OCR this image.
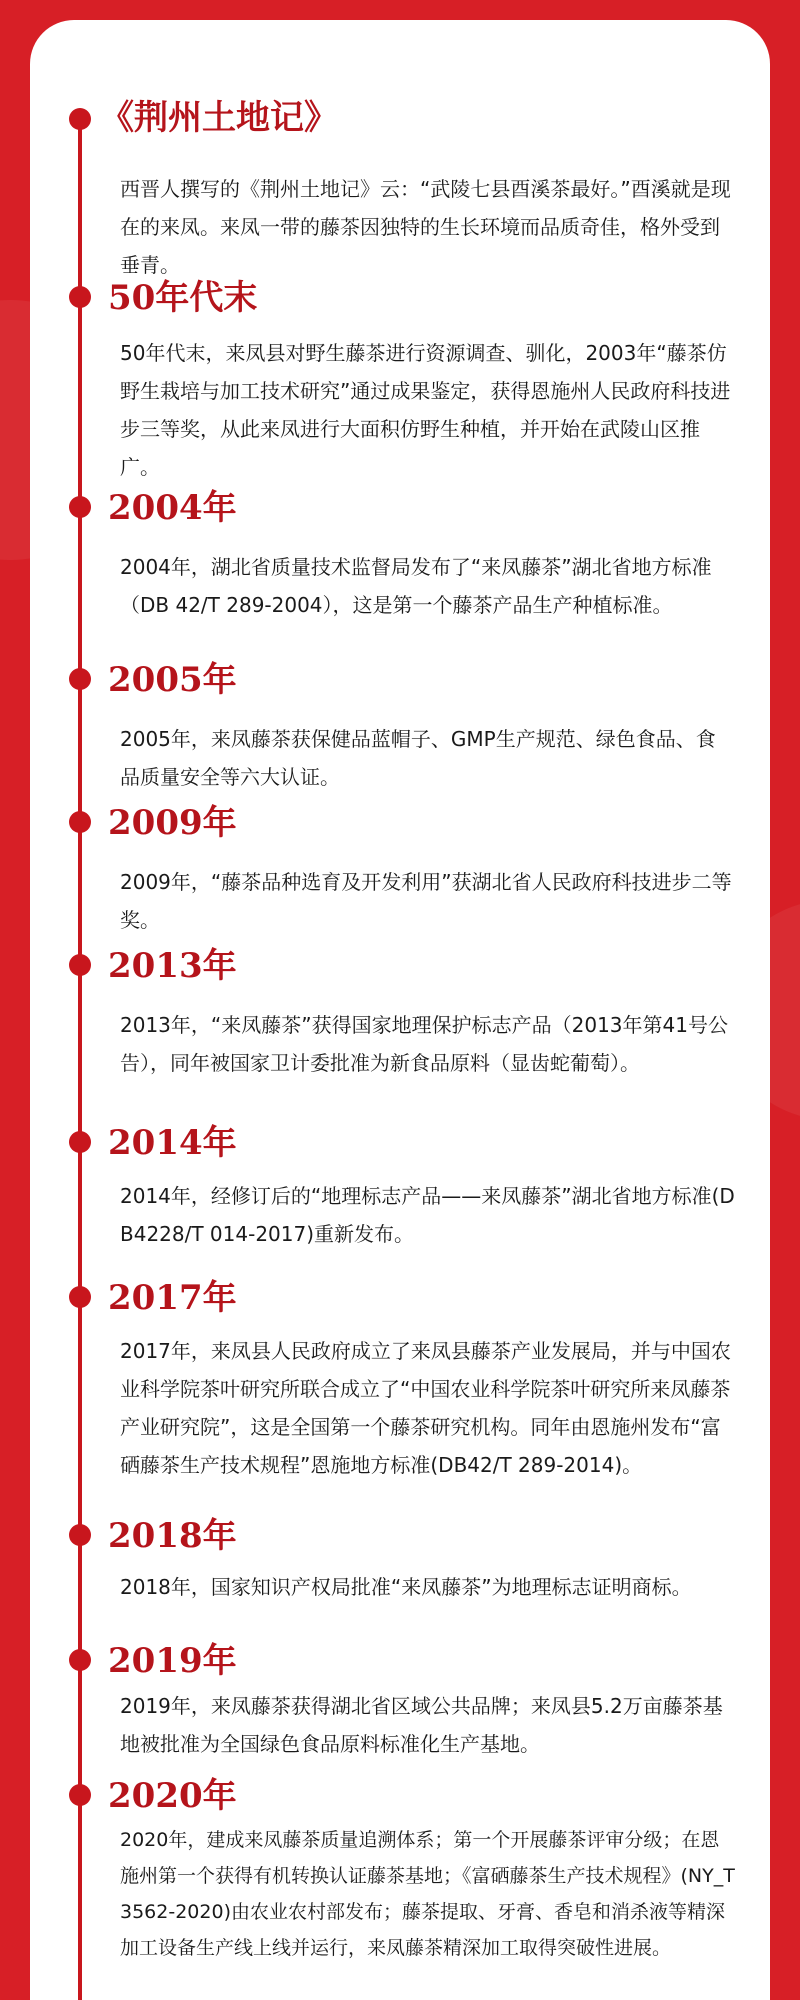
《荆州土地记》
西晋人撰写的《荆州土地记》云：“武陵七县酉溪茶最好。”酉溪就是现在的来凤。来凤一带的藤茶因独特的生长环境而品质奇佳，格外受到垂青。
50年代末
50年代末，来凤县对野生藤茶进行资源调查、驯化，2003年“藤茶仿野生栽培与加工技术研究”通过成果鉴定，获得恩施州人民政府科技进步三等奖，从此来凤进行大面积仿野生种植，并开始在武陵山区推广。
2004年
2004年，湖北省质量技术监督局发布了“来凤藤茶”湖北省地方标准（DB 42/T 289-2004），这是第一个藤茶产品生产种植标准。
2005年
2005年，来凤藤茶获保健品蓝帽子、GMP生产规范、绿色食品、食品质量安全等六大认证。
2009年
2009年，“藤茶品种选育及开发利用”获湖北省人民政府科技进步二等奖。
2013年
2013年，“来凤藤茶”获得国家地理保护标志产品（2013年第41号公告），同年被国家卫计委批准为新食品原料（显齿蛇葡萄）。
2014年
2014年，经修订后的“地理标志产品——来凤藤茶”湖北省地方标准(DB4228/T 014-2017)重新发布。
2017年
2017年，来凤县人民政府成立了来凤县藤茶产业发展局，并与中国农业科学院茶叶研究所联合成立了“中国农业科学院茶叶研究所来凤藤茶产业研究院”，这是全国第一个藤茶研究机构。同年由恩施州发布“富硒藤茶生产技术规程”恩施地方标准(DB42/T 289-2014)。
2018年
2018年，国家知识产权局批准“来凤藤茶”为地理标志证明商标。
2019年
2019年，来凤藤茶获得湖北省区域公共品牌；来凤县5.2万亩藤茶基地被批准为全国绿色食品原料标准化生产基地。
2020年
2020年，建成来凤藤茶质量追溯体系；第一个开展藤茶评审分级；在恩施州第一个获得有机转换认证藤茶基地；《富硒藤茶生产技术规程》(NY_T 3562-2020)由农业农村部发布；藤茶提取、牙膏、香皂和消杀液等精深加工设备生产线上线并运行，来凤藤茶精深加工取得突破性进展。
